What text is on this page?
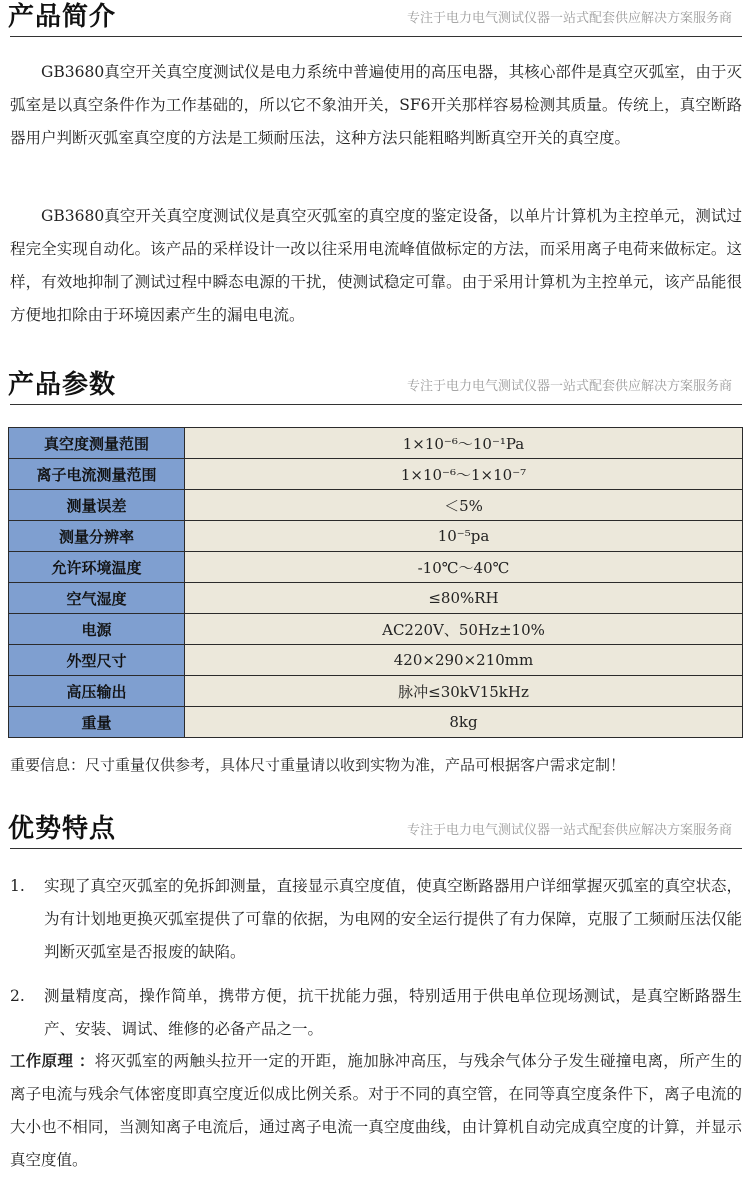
产品简介	专注于电力电气测试仪器一站式配套供应解决方案服务商

GB3680真空开关真空度测试仪是电力系统中普遍使用的高压电器，其核心部件是真空灭弧室，由于灭弧室是以真空条件作为工作基础的，所以它不象油开关，SF6开关那样容易检测其质量。传统上，真空断路器用户判断灭弧室真空度的方法是工频耐压法，这种方法只能粗略判断真空开关的真空度。

GB3680真空开关真空度测试仪是真空灭弧室的真空度的鉴定设备，以单片计算机为主控单元，测试过程完全实现自动化。该产品的采样设计一改以往采用电流峰值做标定的方法，而采用离子电荷来做标定。这样，有效地抑制了测试过程中瞬态电源的干扰，使测试稳定可靠。由于采用计算机为主控单元，该产品能很方便地扣除由于环境因素产生的漏电电流。

产品参数	专注于电力电气测试仪器一站式配套供应解决方案服务商
真空度测量范围	1×10⁻⁶～10⁻¹Pa
离子电流测量范围	1×10⁻⁶～1×10⁻⁷
测量误差	＜5%
测量分辨率	10⁻⁵pa
允许环境温度	-10℃～40℃
空气湿度	≤80%RH
电源	AC220V、50Hz±10%
外型尺寸	420×290×210mm
高压输出	脉冲≤30kV15kHz
重量	8kg
重要信息：尺寸重量仅供参考，具体尺寸重量请以收到实物为准，产品可根据客户需求定制！
优势特点	专注于电力电气测试仪器一站式配套供应解决方案服务商
1.	实现了真空灭弧室的免拆卸测量，直接显示真空度值，使真空断路器用户详细掌握灭弧室的真空状态，为有计划地更换灭弧室提供了可靠的依据，为电网的安全运行提供了有力保障，克服了工频耐压法仅能判断灭弧室是否报废的缺陷。
2.	测量精度高，操作简单，携带方便，抗干扰能力强，特别适用于供电单位现场测试，是真空断路器生产、安装、调试、维修的必备产品之一。
工作原理 ：将灭弧室的两触头拉开一定的开距，施加脉冲高压，与残余气体分子发生碰撞电离，所产生的离子电流与残余气体密度即真空度近似成比例关系。对于不同的真空管，在同等真空度条件下，离子电流的大小也不相同，当测知离子电流后，通过离子电流一真空度曲线，由计算机自动完成真空度的计算，并显示真空度值。
